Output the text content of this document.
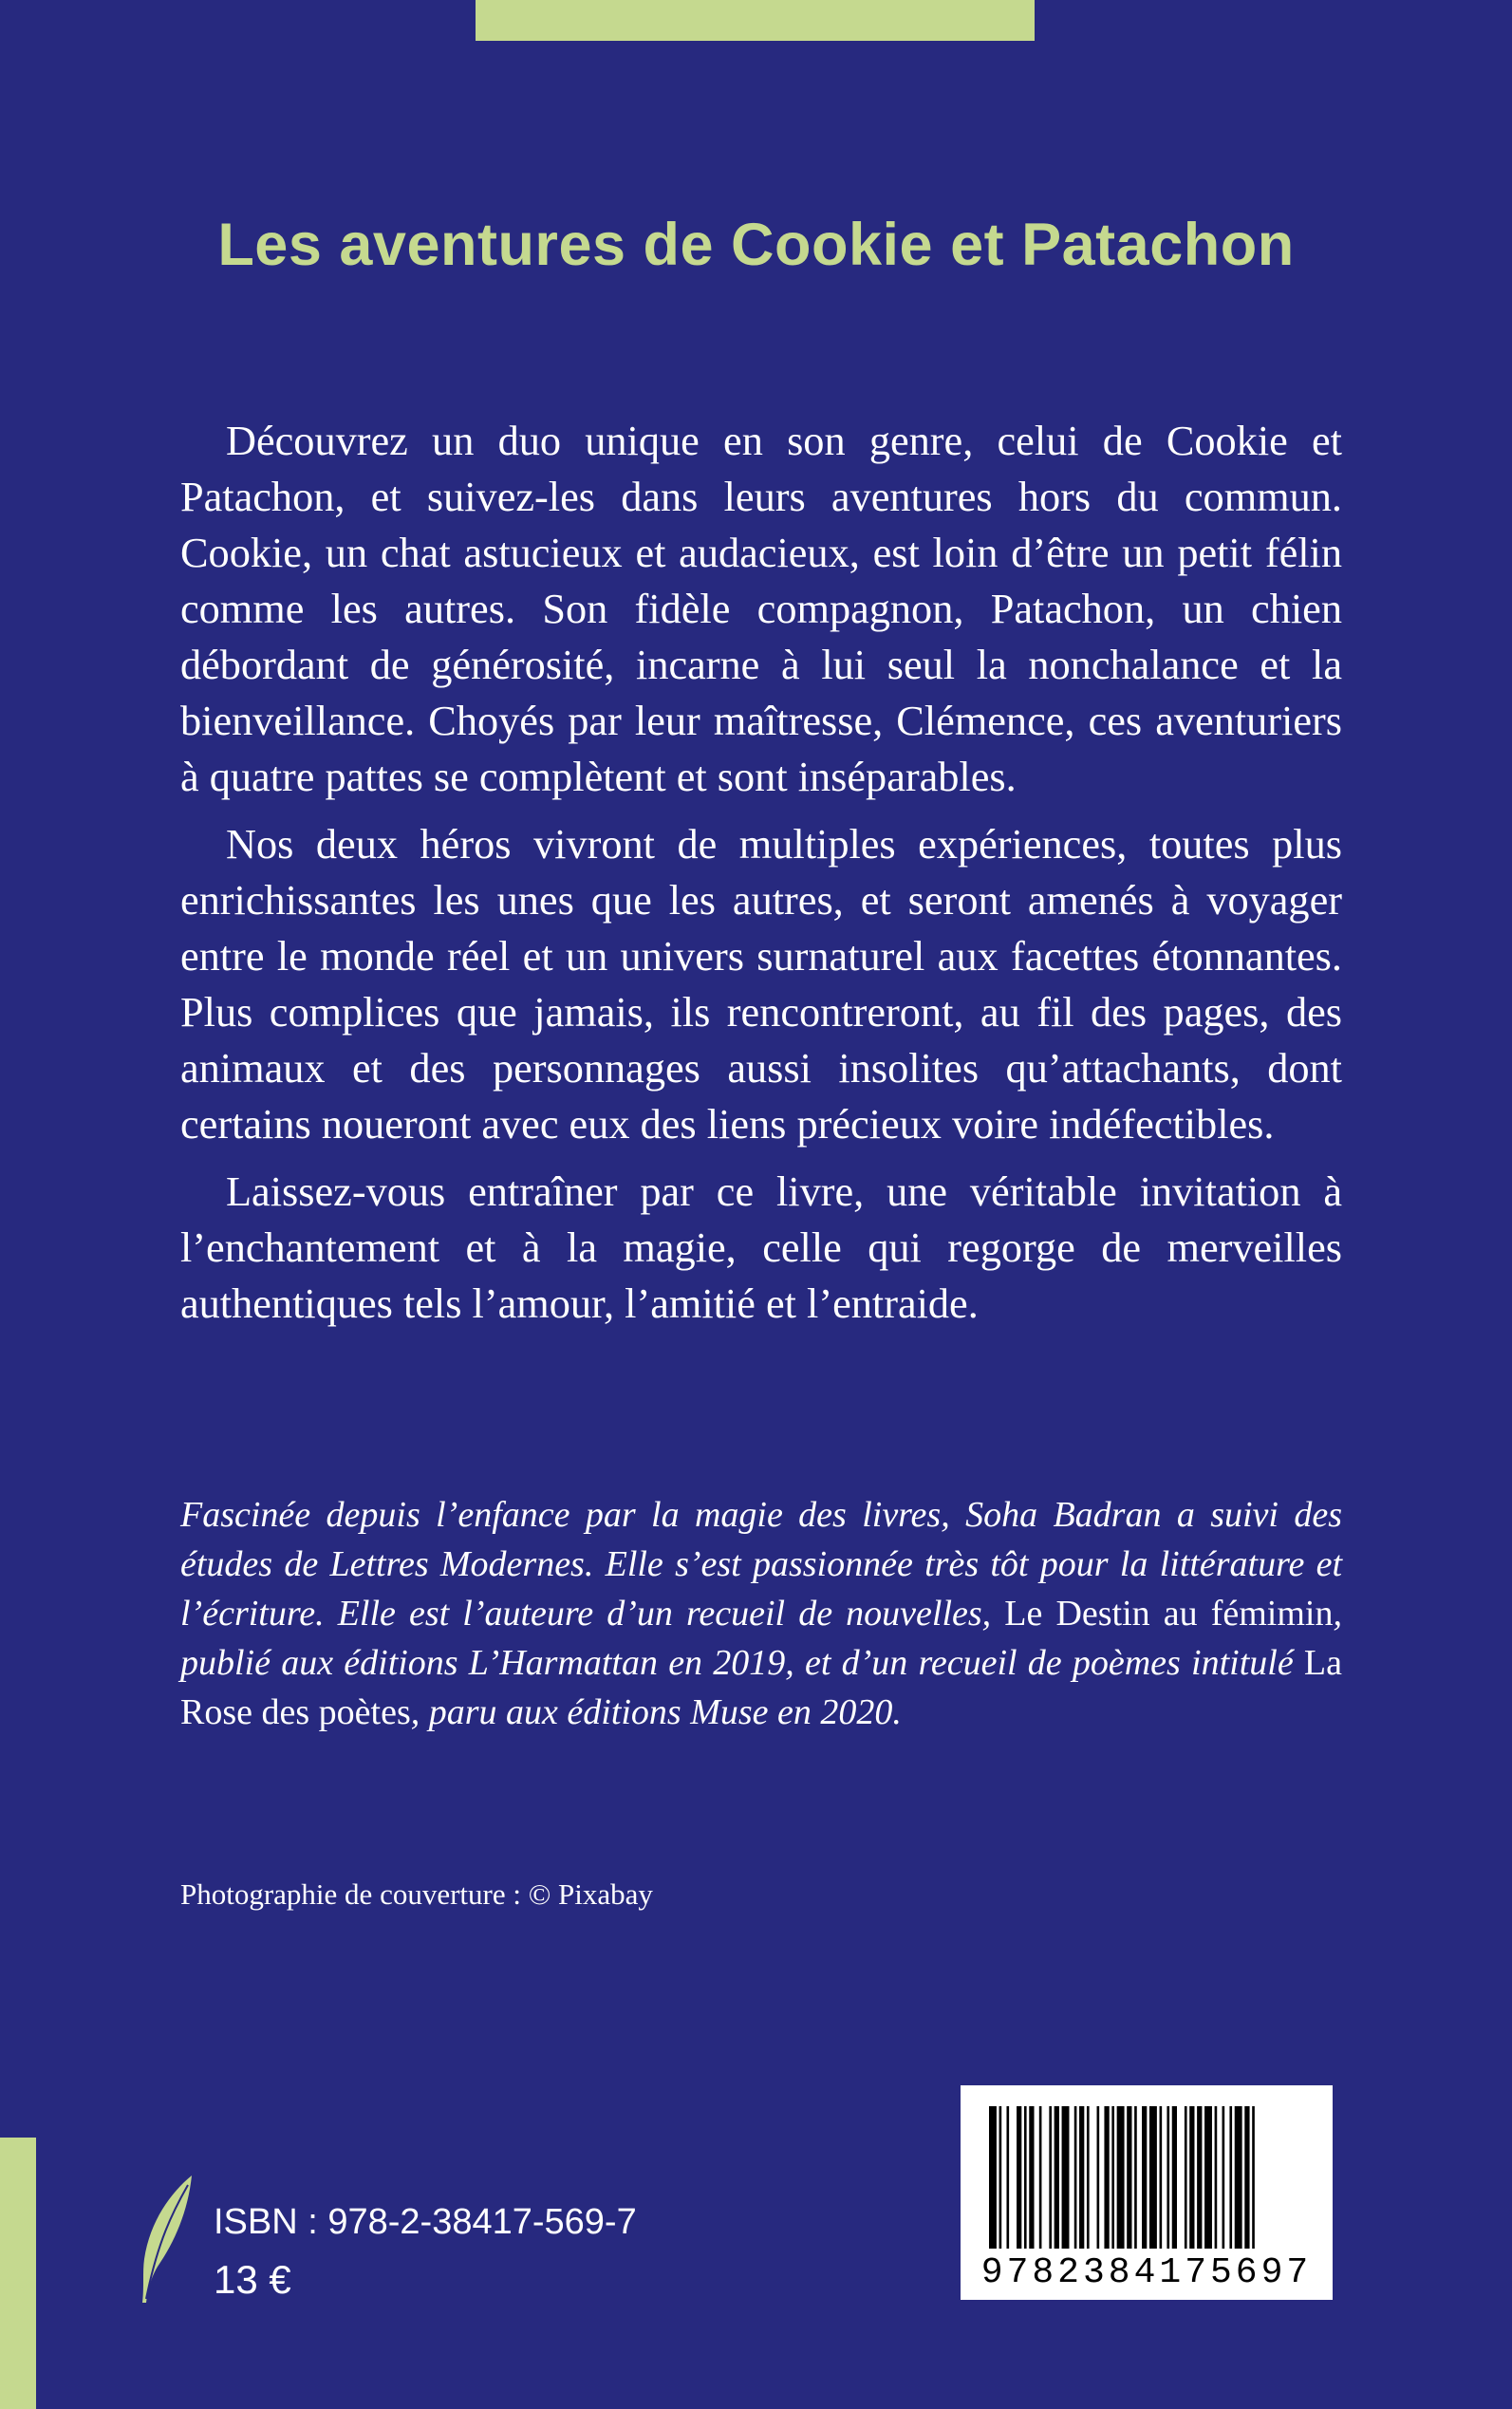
Les aventures de Cookie et Patachon

Découvrez un duo unique en son genre, celui de Cookie et Patachon, et suivez-les dans leurs aventures hors du commun. Cookie, un chat astucieux et audacieux, est loin d’être un petit félin comme les autres. Son fidèle compagnon, Patachon, un chien débordant de générosité, incarne à lui seul la nonchalance et la bienveillance. Choyés par leur maîtresse, Clémence, ces aventuriers à quatre pattes se complètent et sont inséparables.

Nos deux héros vivront de multiples expériences, toutes plus enrichissantes les unes que les autres, et seront amenés à voyager entre le monde réel et un univers surnaturel aux facettes étonnantes. Plus complices que jamais, ils rencontreront, au fil des pages, des animaux et des personnages aussi insolites qu’attachants, dont certains noueront avec eux des liens précieux voire indéfectibles.

Laissez-vous entraîner par ce livre, une véritable invitation à l’enchantement et à la magie, celle qui regorge de merveilles authentiques tels l’amour, l’amitié et l’entraide.

Fascinée depuis l’enfance par la magie des livres, Soha Badran a suivi des études de Lettres Modernes. Elle s’est passionnée très tôt pour la littérature et l’écriture. Elle est l’auteure d’un recueil de nouvelles, Le Destin au fémimin, publié aux éditions L’Harmattan en 2019, et d’un recueil de poèmes intitulé La Rose des poètes, paru aux éditions Muse en 2020.

Photographie de couverture : © Pixabay

ISBN : 978-2-38417-569-7

13 €	9782384175697
